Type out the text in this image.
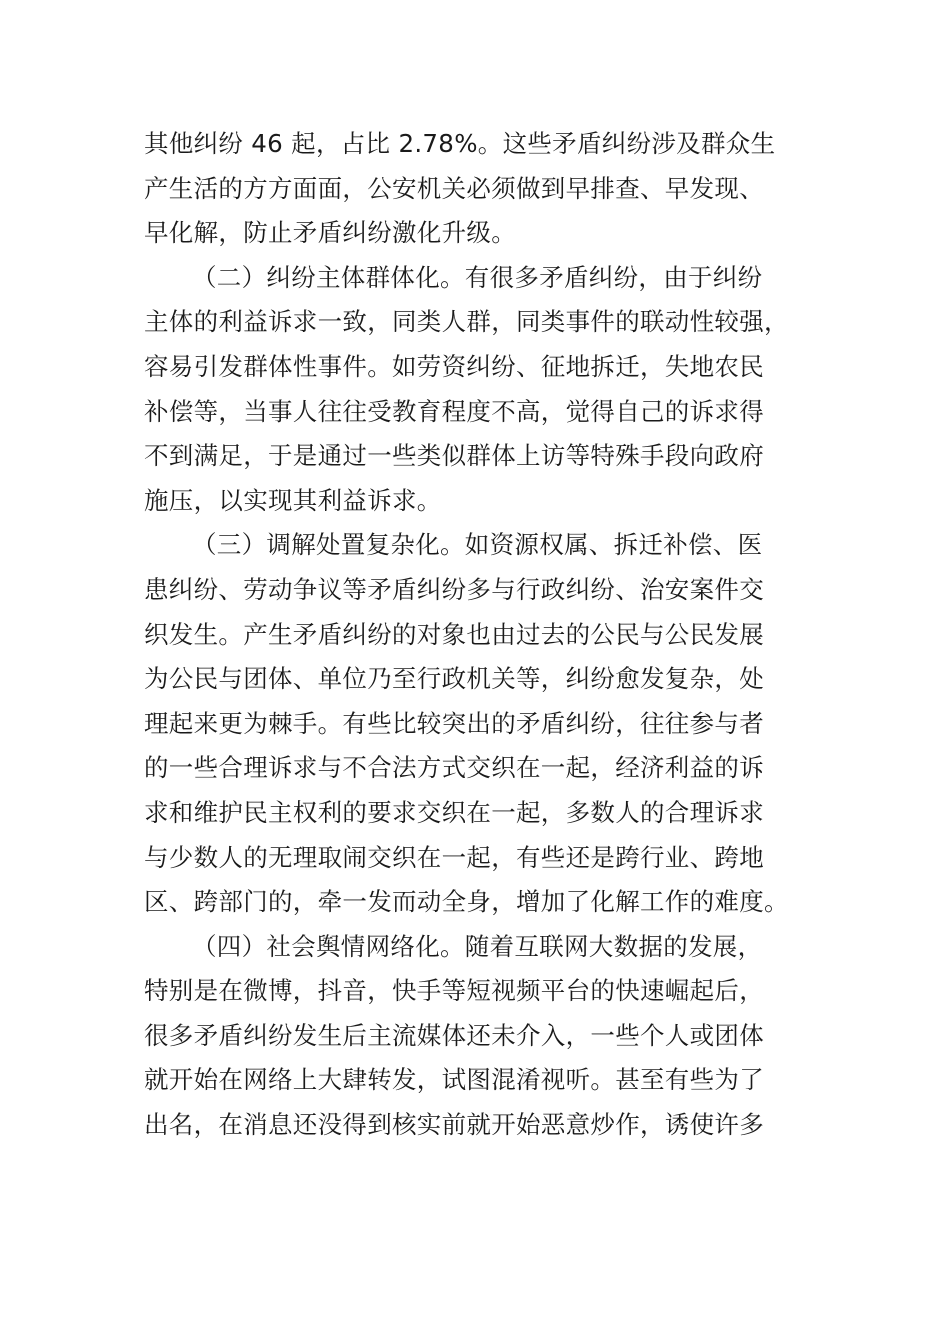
其他纠纷 46 起，占比 2.78%。这些矛盾纠纷涉及群众生
产生活的方方面面，公安机关必须做到早排查、早发现、
早化解，防止矛盾纠纷激化升级。
（二）纠纷主体群体化。有很多矛盾纠纷，由于纠纷
主体的利益诉求一致，同类人群，同类事件的联动性较强，
容易引发群体性事件。如劳资纠纷、征地拆迁，失地农民
补偿等，当事人往往受教育程度不高，觉得自己的诉求得
不到满足，于是通过一些类似群体上访等特殊手段向政府
施压，以实现其利益诉求。
（三）调解处置复杂化。如资源权属、拆迁补偿、医
患纠纷、劳动争议等矛盾纠纷多与行政纠纷、治安案件交
织发生。产生矛盾纠纷的对象也由过去的公民与公民发展
为公民与团体、单位乃至行政机关等，纠纷愈发复杂，处
理起来更为棘手。有些比较突出的矛盾纠纷，往往参与者
的一些合理诉求与不合法方式交织在一起，经济利益的诉
求和维护民主权利的要求交织在一起，多数人的合理诉求
与少数人的无理取闹交织在一起，有些还是跨行业、跨地
区、跨部门的，牵一发而动全身，增加了化解工作的难度。
（四）社会舆情网络化。随着互联网大数据的发展，
特别是在微博，抖音，快手等短视频平台的快速崛起后，
很多矛盾纠纷发生后主流媒体还未介入，一些个人或团体
就开始在网络上大肆转发，试图混淆视听。甚至有些为了
出名，在消息还没得到核实前就开始恶意炒作，诱使许多
